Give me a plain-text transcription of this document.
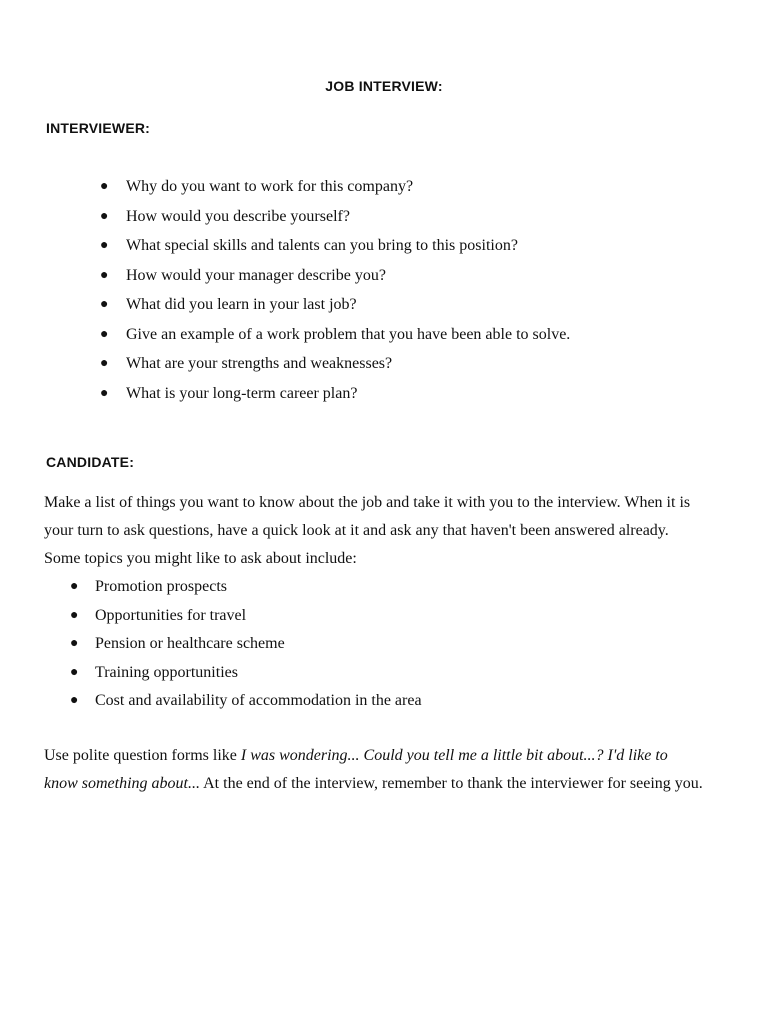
JOB INTERVIEW:
INTERVIEWER:
● Why do you want to work for this company?
● How would you describe yourself?
● What special skills and talents can you bring to this position?
● How would your manager describe you?
● What did you learn in your last job?
● Give an example of a work problem that you have been able to solve.
● What are your strengths and weaknesses?
● What is your long-term career plan?
CANDIDATE:

Make a list of things you want to know about the job and take it with you to the interview. When it is your turn to ask questions, have a quick look at it and ask any that haven't been answered already. Some topics you might like to ask about include:

● Promotion prospects
● Opportunities for travel
● Pension or healthcare scheme
● Training opportunities
● Cost and availability of accommodation in the area

Use polite question forms like I was wondering... Could you tell me a little bit about...? I'd like to know something about... At the end of the interview, remember to thank the interviewer for seeing you.
